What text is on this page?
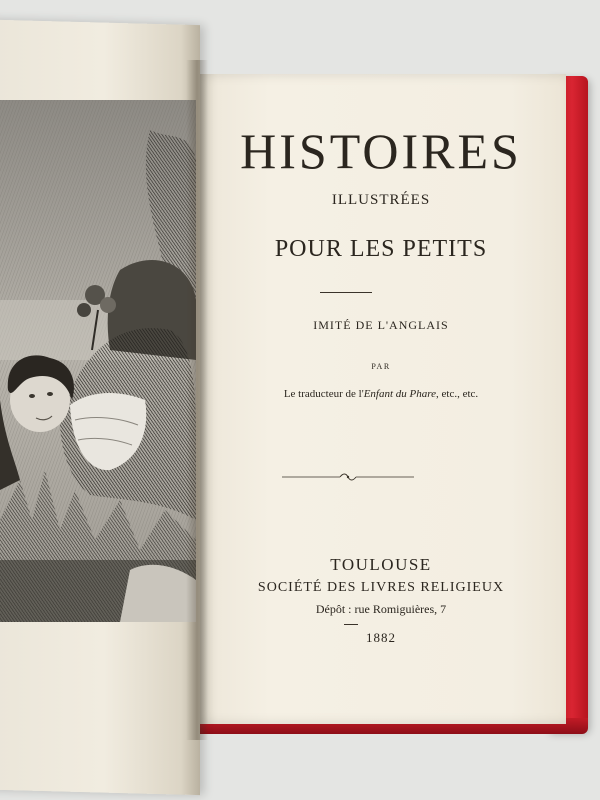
HISTOIRES
ILLUSTRÉES
POUR LES PETITS
IMITÉ DE L'ANGLAIS
PAR
Le traducteur de l'Enfant du Phare, etc., etc.
TOULOUSE
SOCIÉTÉ DES LIVRES RELIGIEUX
Dépôt : rue Romiguières, 7
1882
